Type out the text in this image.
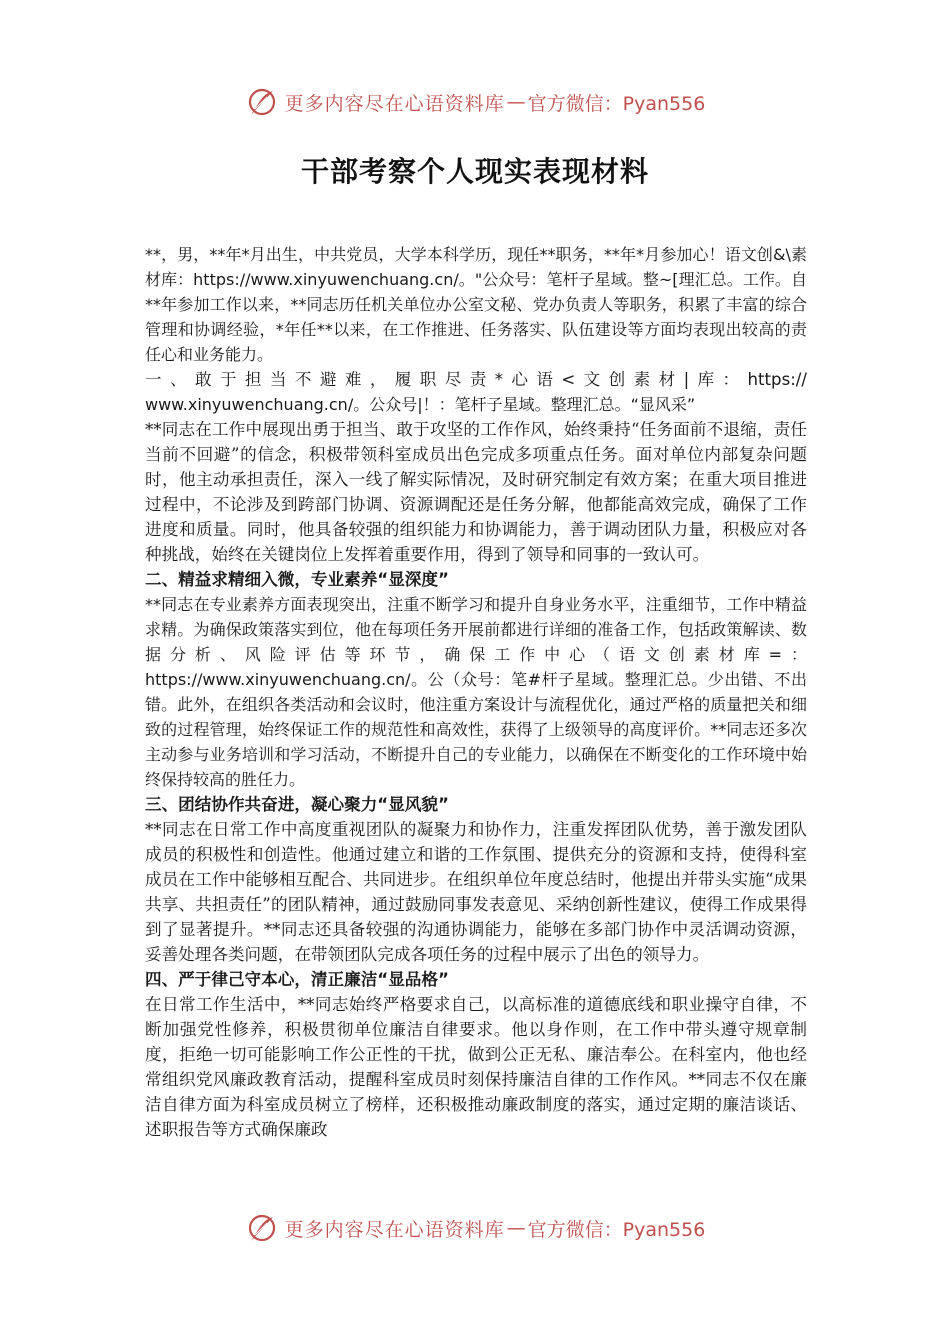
更多内容尽在心语资料库 — 官方微信：Pyan556
干部考察个人现实表现材料

**，男，**年*月出生，中共党员，大学本科学历，现任**职务，**年*月参加心！语文创&\素材库：https://www.xinyuwenchuang.cn/。"公众号：笔杆子星域。整~[理汇总。工作。自**年参加工作以来，**同志历任机关单位办公室文秘、党办负责人等职务，积累了丰富的综合管理和协调经验，*年任**以来，在工作推进、任务落实、队伍建设等方面均表现出较高的责任心和业务能力。

一、敢于担当不避难，履职尽责*心语<文创素材|库：https://

www.xinyuwenchuang.cn/。公众号|！：笔杆子星域。整理汇总。“显风采”

**同志在工作中展现出勇于担当、敢于攻坚的工作作风，始终秉持“任务面前不退缩，责任当前不回避”的信念，积极带领科室成员出色完成多项重点任务。面对单位内部复杂问题时，他主动承担责任，深入一线了解实际情况，及时研究制定有效方案；在重大项目推进过程中，不论涉及到跨部门协调、资源调配还是任务分解，他都能高效完成，确保了工作进度和质量。同时，他具备较强的组织能力和协调能力，善于调动团队力量，积极应对各种挑战，始终在关键岗位上发挥着重要作用，得到了领导和同事的一致认可。

二、精益求精细入微，专业素养“显深度”

**同志在专业素养方面表现突出，注重不断学习和提升自身业务水平，注重细节，工作中精益求精。为确保政策落实到位，他在每项任务开展前都进行详细的准备工作，包括政策解读、数据分析、风险评估等环节，确保工作中心（语文创素材库=：https://www.xinyuwenchuang.cn/。公（众号：笔#杆子星域。整理汇总。少出错、不出错。此外，在组织各类活动和会议时，他注重方案设计与流程优化，通过严格的质量把关和细致的过程管理，始终保证工作的规范性和高效性，获得了上级领导的高度评价。**同志还多次主动参与业务培训和学习活动，不断提升自己的专业能力，以确保在不断变化的工作环境中始终保持较高的胜任力。

三、团结协作共奋进，凝心聚力“显风貌”

**同志在日常工作中高度重视团队的凝聚力和协作力，注重发挥团队优势，善于激发团队成员的积极性和创造性。他通过建立和谐的工作氛围、提供充分的资源和支持，使得科室成员在工作中能够相互配合、共同进步。在组织单位年度总结时，他提出并带头实施“成果共享、共担责任”的团队精神，通过鼓励同事发表意见、采纳创新性建议，使得工作成果得到了显著提升。**同志还具备较强的沟通协调能力，能够在多部门协作中灵活调动资源，妥善处理各类问题，在带领团队完成各项任务的过程中展示了出色的领导力。

四、严于律己守本心，清正廉洁“显品格”

在日常工作生活中，**同志始终严格要求自己，以高标准的道德底线和职业操守自律，不断加强党性修养，积极贯彻单位廉洁自律要求。他以身作则，在工作中带头遵守规章制度，拒绝一切可能影响工作公正性的干扰，做到公正无私、廉洁奉公。在科室内，他也经常组织党风廉政教育活动，提醒科室成员时刻保持廉洁自律的工作作风。**同志不仅在廉洁自律方面为科室成员树立了榜样，还积极推动廉政制度的落实，通过定期的廉洁谈话、述职报告等方式确保廉政

更多内容尽在心语资料库 — 官方微信：Pyan556
